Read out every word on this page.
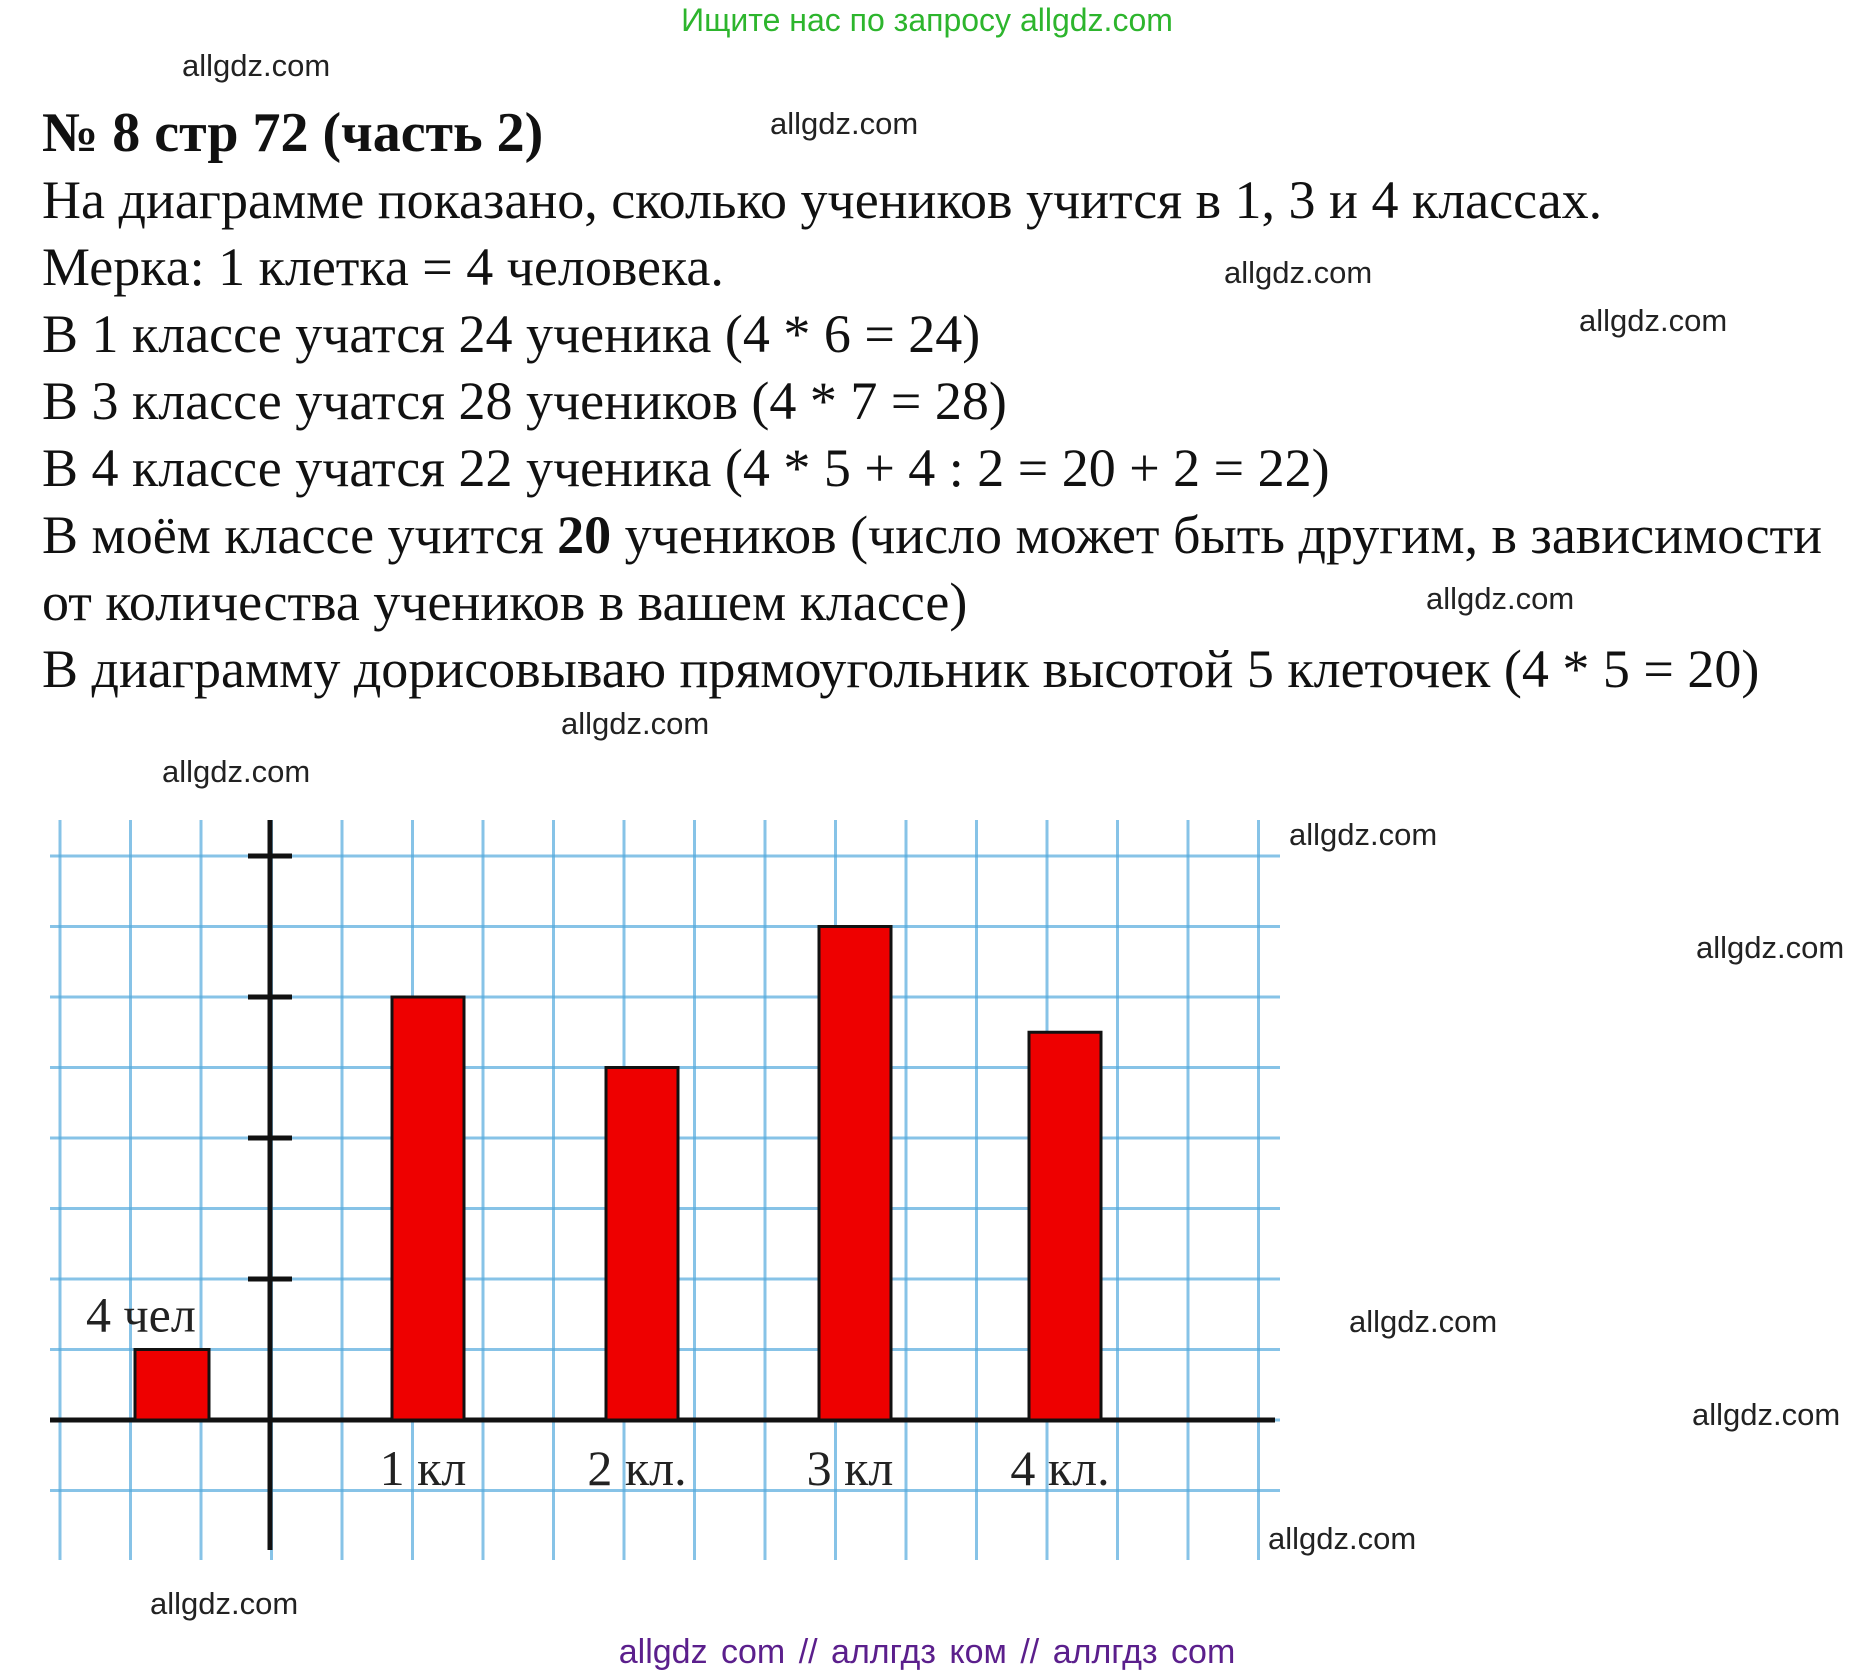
Ищите нас по запросу allgdz.com

№ 8 стр 72 (часть 2)

На диаграмме показано, сколько учеников учится в 1, 3 и 4 классах.

Мерка: 1 клетка = 4 человека.

В 1 классе учатся 24 ученика (4 * 6 = 24)

В 3 классе учатся 28 учеников (4 * 7 = 28)

В 4 классе учатся 22 ученика (4 * 5 + 4 : 2 = 20 + 2 = 22)

В моём классе учится 20 учеников (число может быть другим, в зависимости от количества учеников в вашем классе)

В диаграмму дорисовываю прямоугольник высотой 5 клеточек (4 * 5 = 20)

4 чел
1 кл 2 кл. 3 кл 4 кл.
allgdz.com
allgdz.com
allgdz.com
allgdz.com
allgdz.com
allgdz.com
allgdz.com
allgdz.com
allgdz.com
allgdz.com
allgdz.com
allgdz.com
allgdz.com
allgdz com // аллгдз ком // аллгдз com
